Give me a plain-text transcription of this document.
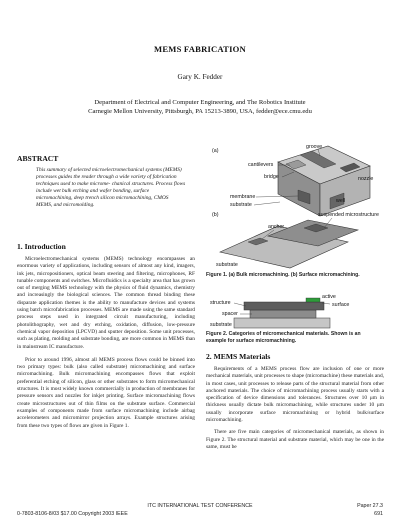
MEMS FABRICATION
Gary K. Fedder
Department of Electrical and Computer Engineering, and The Robotics Institute
Carnegie Mellon University, Pittsburgh, PA 15213-3890, USA, fedder@ece.cmu.edu
ABSTRACT
This summary of selected microelectromechanical systems (MEMS) processes guides the reader through a wide variety of fabrication techniques used to make microme- chanical structures. Process flows include wet bulk etching and wafer bonding, surface micromachining, deep trench silicon micromachining, CMOS MEMS, and micromolding.
1. Introduction

Microelectromechanical systems (MEMS) technology encompasses an enormous variety of applications, including sensors of almost any kind, imagers, ink jets, micropositioners, optical beam steering and filtering, microphones, RF tunable components and switches. Microfluidics is a specialty area that has grown out of merging MEMS technology with the physics of fluid dynamics, chemistry and increasingly the biological sciences. The common thread binding these disparate application themes is the ability to manufacture devices and systems using batch microfabrication processes. MEMS are made using the same standard process steps used in integrated circuit manufacturing, including photolithography, wet and dry etching, oxidation, diffusion, low-pressure chemical vapor deposition (LPCVD) and sputter deposition. Some unit processes, such as plating, molding and substrate bonding, are more common in MEMS than in mainstream IC manufacture.

Prior to around 1996, almost all MEMS process flows could be binned into two primary types: bulk (also called substrate) micromachining and surface micromachining. Bulk micromachining encompasses flows that exploit preferential etching of silicon, glass or other substrates to form micromechanical structures. It is most widely known commercially in production of membranes for pressure sensors and nozzles for inkjet printing. Surface micromachining flows create microstructures out of thin films on the substrate surface. Commercial examples of components made from surface micromachining include airbag accelerometers and micromirror projection arrays. Example structures arising from these two types of flows are given in Figure 1.

(a)
groove
cantilevers
bridge	nozzle
membrane
substrate
well
(b)	suspended microstructure
anchor
substrate
Figure 1. (a) Bulk micromachining. (b) Surface micromachining.
structure
active
surface
spacer
substrate
Figure 2. Categories of micromechanical materials. Shown is an example for surface micromachining.
2. MEMS Materials

Requirements of a MEMS process flow are inclusion of one or more mechanical materials, unit processes to shape (micromachine) these materials and, in most cases, unit processes to release parts of the structural material from other anchored materials. The choice of micromachining process usually starts with a specification of device dimensions and tolerances. Structures over 10 μm in thickness usually dictate bulk micromachining, while structures under 10 μm usually incorporate surface micromachining or hybrid bulk/surface micromachining.

There are five main categories of micromechanical materials, as shown in Figure 2. The structural material and substrate material, which may be one in the same, must be

ITC INTERNATIONAL TEST CONFERENCE	Paper 27.3
0-7803-8106-8/03 $17.00 Copyright 2003 IEEE	691
